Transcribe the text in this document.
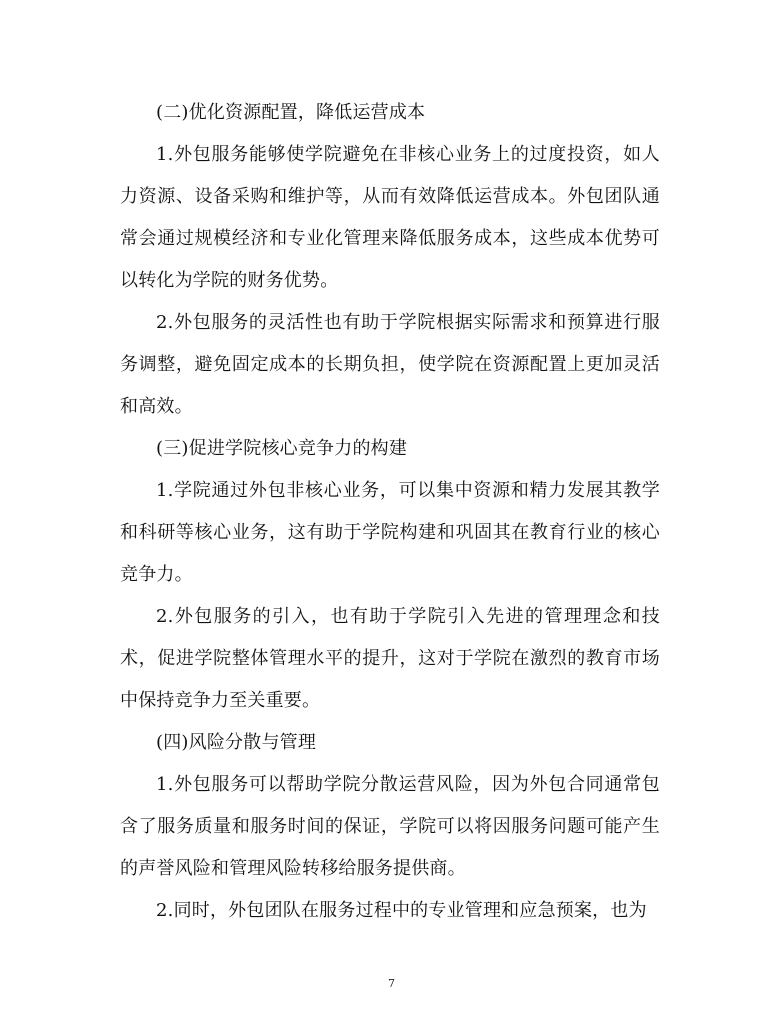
(二)优化资源配置，降低运营成本

1.外包服务能够使学院避免在非核心业务上的过度投资，如人力资源、设备采购和维护等，从而有效降低运营成本。外包团队通常会通过规模经济和专业化管理来降低服务成本，这些成本优势可以转化为学院的财务优势。

2.外包服务的灵活性也有助于学院根据实际需求和预算进行服务调整，避免固定成本的长期负担，使学院在资源配置上更加灵活和高效。

(三)促进学院核心竞争力的构建

1.学院通过外包非核心业务，可以集中资源和精力发展其教学和科研等核心业务，这有助于学院构建和巩固其在教育行业的核心竞争力。

2.外包服务的引入，也有助于学院引入先进的管理理念和技术，促进学院整体管理水平的提升，这对于学院在激烈的教育市场中保持竞争力至关重要。

(四)风险分散与管理

1.外包服务可以帮助学院分散运营风险，因为外包合同通常包含了服务质量和服务时间的保证，学院可以将因服务问题可能产生的声誉风险和管理风险转移给服务提供商。

2.同时，外包团队在服务过程中的专业管理和应急预案，也为

7
